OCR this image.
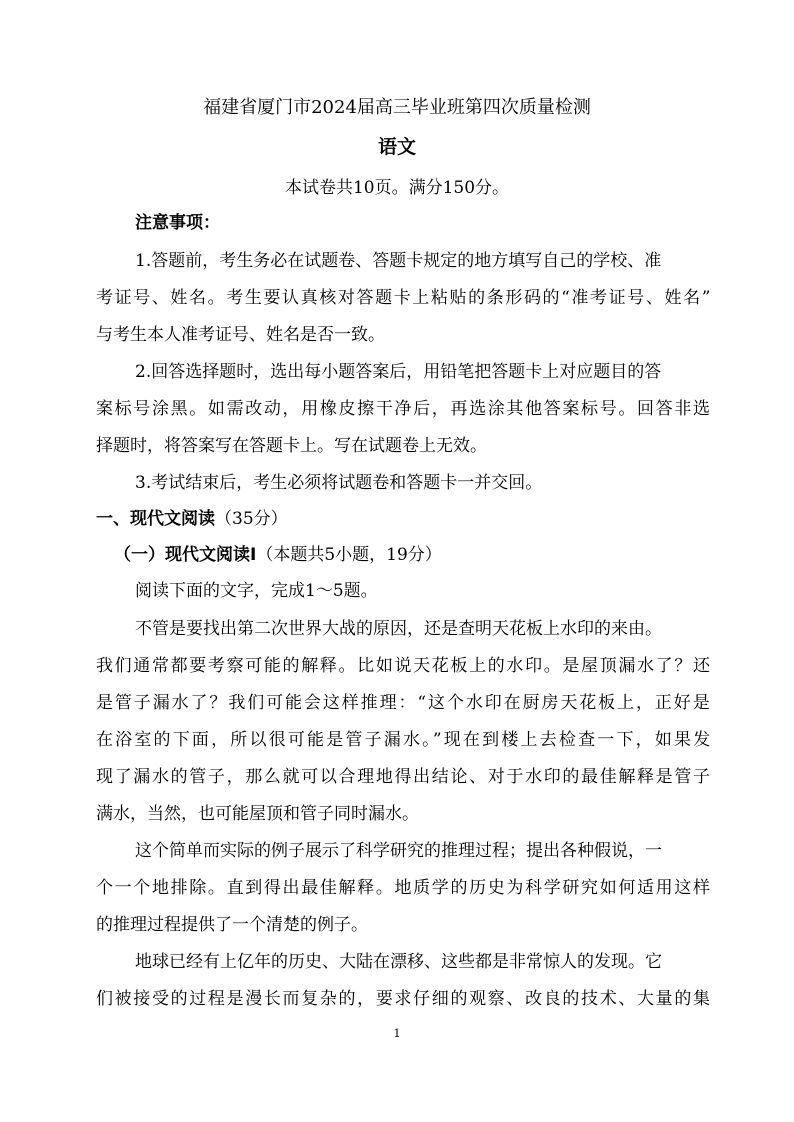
福建省厦门市2024届高三毕业班第四次质量检测
语文
本试卷共10页。满分150分。
注意事项：
1.答题前，考生务必在试题卷、答题卡规定的地方填写自己的学校、准
考证号、姓名。考生要认真核对答题卡上粘贴的条形码的“准考证号、姓名”
与考生本人准考证号、姓名是否一致。
2.回答选择题时，选出每小题答案后，用铅笔把答题卡上对应题目的答
案标号涂黑。如需改动，用橡皮擦干净后，再选涂其他答案标号。回答非选
择题时，将答案写在答题卡上。写在试题卷上无效。
3.考试结束后，考生必须将试题卷和答题卡一并交回。
一、现代文阅读（35分）
（一）现代文阅读Ⅰ（本题共5小题，19分）
阅读下面的文字，完成1～5题。
不管是要找出第二次世界大战的原因，还是查明天花板上水印的来由。
我们通常都要考察可能的解释。比如说天花板上的水印。是屋顶漏水了？还
是管子漏水了？我们可能会这样推理：“这个水印在厨房天花板上，正好是
在浴室的下面，所以很可能是管子漏水。”现在到楼上去检查一下，如果发
现了漏水的管子，那么就可以合理地得出结论、对于水印的最佳解释是管子
满水，当然，也可能屋顶和管子同时漏水。
这个简单而实际的例子展示了科学研究的推理过程；提出各种假说，一
个一个地排除。直到得出最佳解释。地质学的历史为科学研究如何适用这样
的推理过程提供了一个清楚的例子。
地球已经有上亿年的历史、大陆在漂移、这些都是非常惊人的发现。它
们被接受的过程是漫长而复杂的，要求仔细的观察、改良的技术、大量的集
1
